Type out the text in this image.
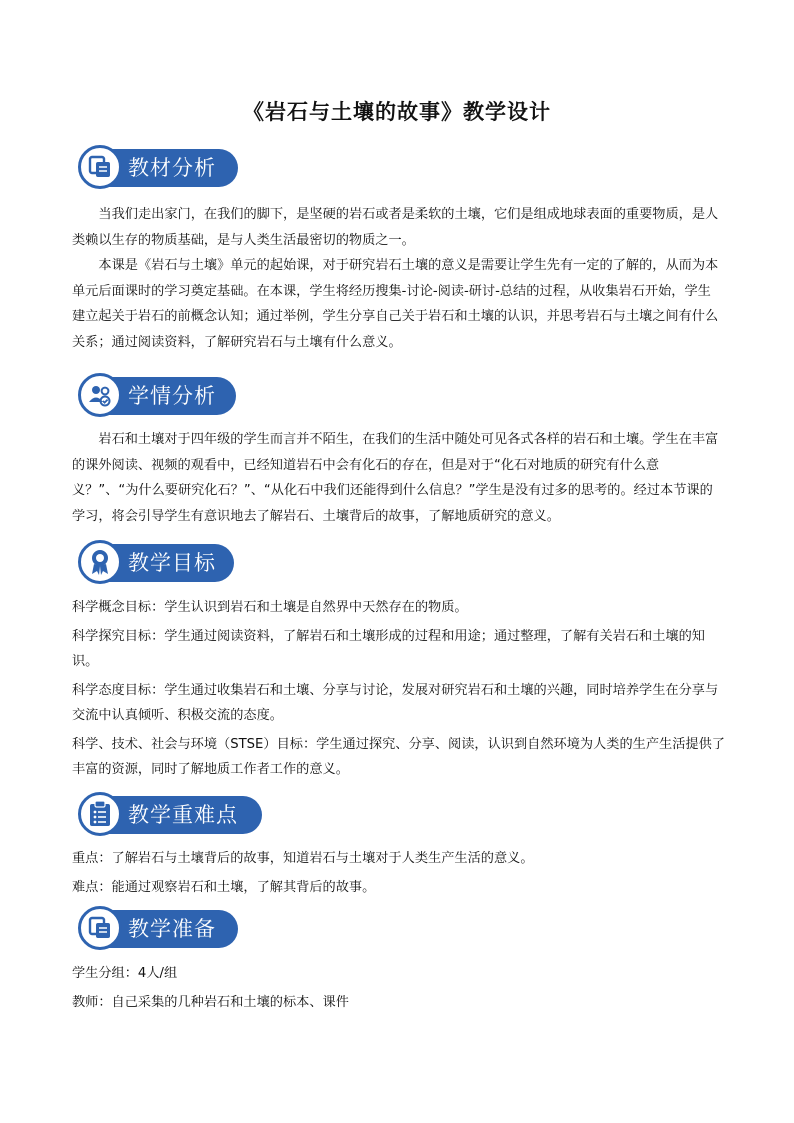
《岩石与土壤的故事》教学设计
教材分析

当我们走出家门，在我们的脚下，是坚硬的岩石或者是柔软的土壤，它们是组成地球表面的重要物质，是人类赖以生存的物质基础，是与人类生活最密切的物质之一。

本课是《岩石与土壤》单元的起始课，对于研究岩石土壤的意义是需要让学生先有一定的了解的，从而为本单元后面课时的学习奠定基础。在本课，学生将经历搜集-讨论-阅读-研讨-总结的过程，从收集岩石开始，学生建立起关于岩石的前概念认知；通过举例，学生分享自己关于岩石和土壤的认识，并思考岩石与土壤之间有什么关系；通过阅读资料，了解研究岩石与土壤有什么意义。

学情分析

岩石和土壤对于四年级的学生而言并不陌生，在我们的生活中随处可见各式各样的岩石和土壤。学生在丰富的课外阅读、视频的观看中，已经知道岩石中会有化石的存在，但是对于“化石对地质的研究有什么意义？”、“为什么要研究化石？”、“从化石中我们还能得到什么信息？”学生是没有过多的思考的。经过本节课的学习，将会引导学生有意识地去了解岩石、土壤背后的故事，了解地质研究的意义。

教学目标
科学概念目标：学生认识到岩石和土壤是自然界中天然存在的物质。
科学探究目标：学生通过阅读资料，了解岩石和土壤形成的过程和用途；通过整理，了解有关岩石和土壤的知识。
科学态度目标：学生通过收集岩石和土壤、分享与讨论，发展对研究岩石和土壤的兴趣，同时培养学生在分享与交流中认真倾听、积极交流的态度。
科学、技术、社会与环境（STSE）目标：学生通过探究、分享、阅读，认识到自然环境为人类的生产生活提供了丰富的资源，同时了解地质工作者工作的意义。
教学重难点
重点：了解岩石与土壤背后的故事，知道岩石与土壤对于人类生产生活的意义。
难点：能通过观察岩石和土壤，了解其背后的故事。
教学准备
学生分组：4人/组
教师：自己采集的几种岩石和土壤的标本、课件
